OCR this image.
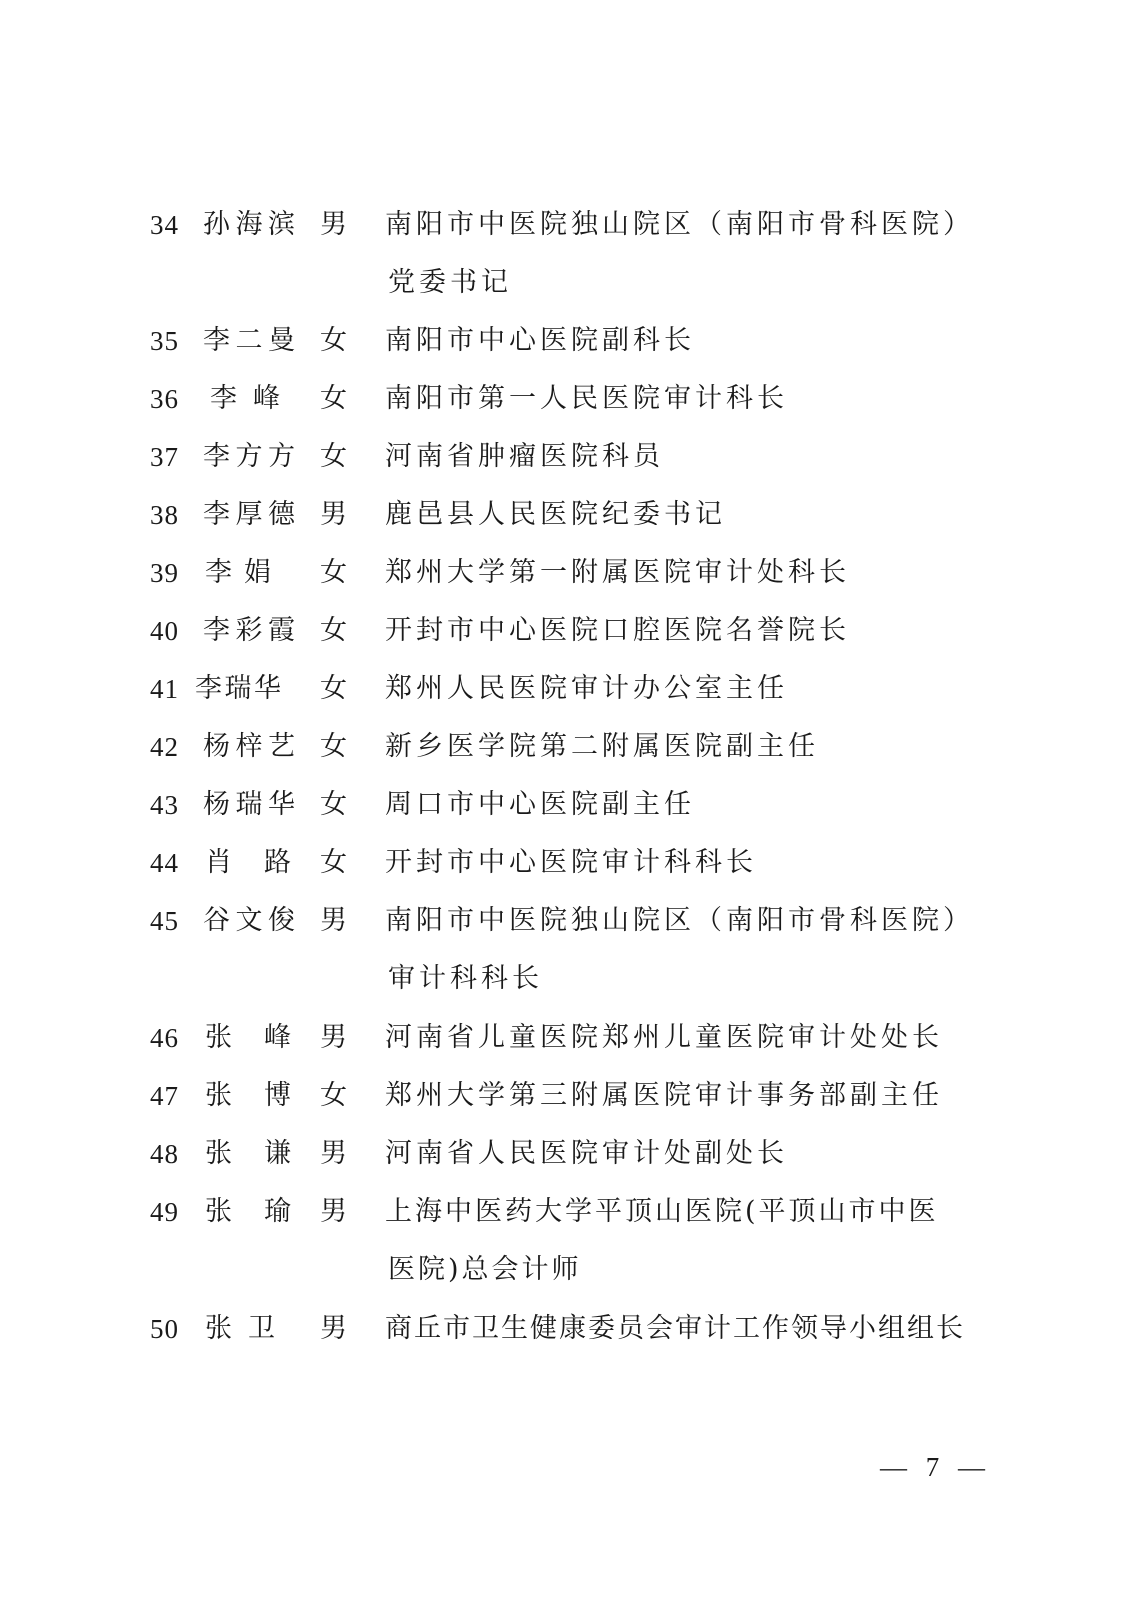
34 孙 海 滨 男 南阳市中医院独山院区（南阳市骨科医院）
党委书记
35 李 二 曼 女 南阳市中心医院副科长
36 李 峰 女 南阳市第一人民医院审计科长
37 李 方 方 女 河南省肿瘤医院科员
38 李 厚 德 男 鹿邑县人民医院纪委书记
39 李 娟 女 郑州大学第一附属医院审计处科长
40 李 彩 霞 女 开封市中心医院口腔医院名誉院长
41 李 瑞 华 女 郑州人民医院审计办公室主任
42 杨 梓 艺 女 新乡医学院第二附属医院副主任
43 杨 瑞 华 女 周口市中心医院副主任
44 肖 路 女 开封市中心医院审计科科长
45 谷 文 俊 男 南阳市中医院独山院区（南阳市骨科医院）
审计科科长
46 张 峰 男 河南省儿童医院郑州儿童医院审计处处长
47 张 博 女 郑州大学第三附属医院审计事务部副主任
48 张 谦 男 河南省人民医院审计处副处长
49 张 瑜 男 上海中医药大学平顶山医院(平顶山市中医
医院)总会计师
50 张 卫 男 商丘市卫生健康委员会审计工作领导小组组长
— 7 —
